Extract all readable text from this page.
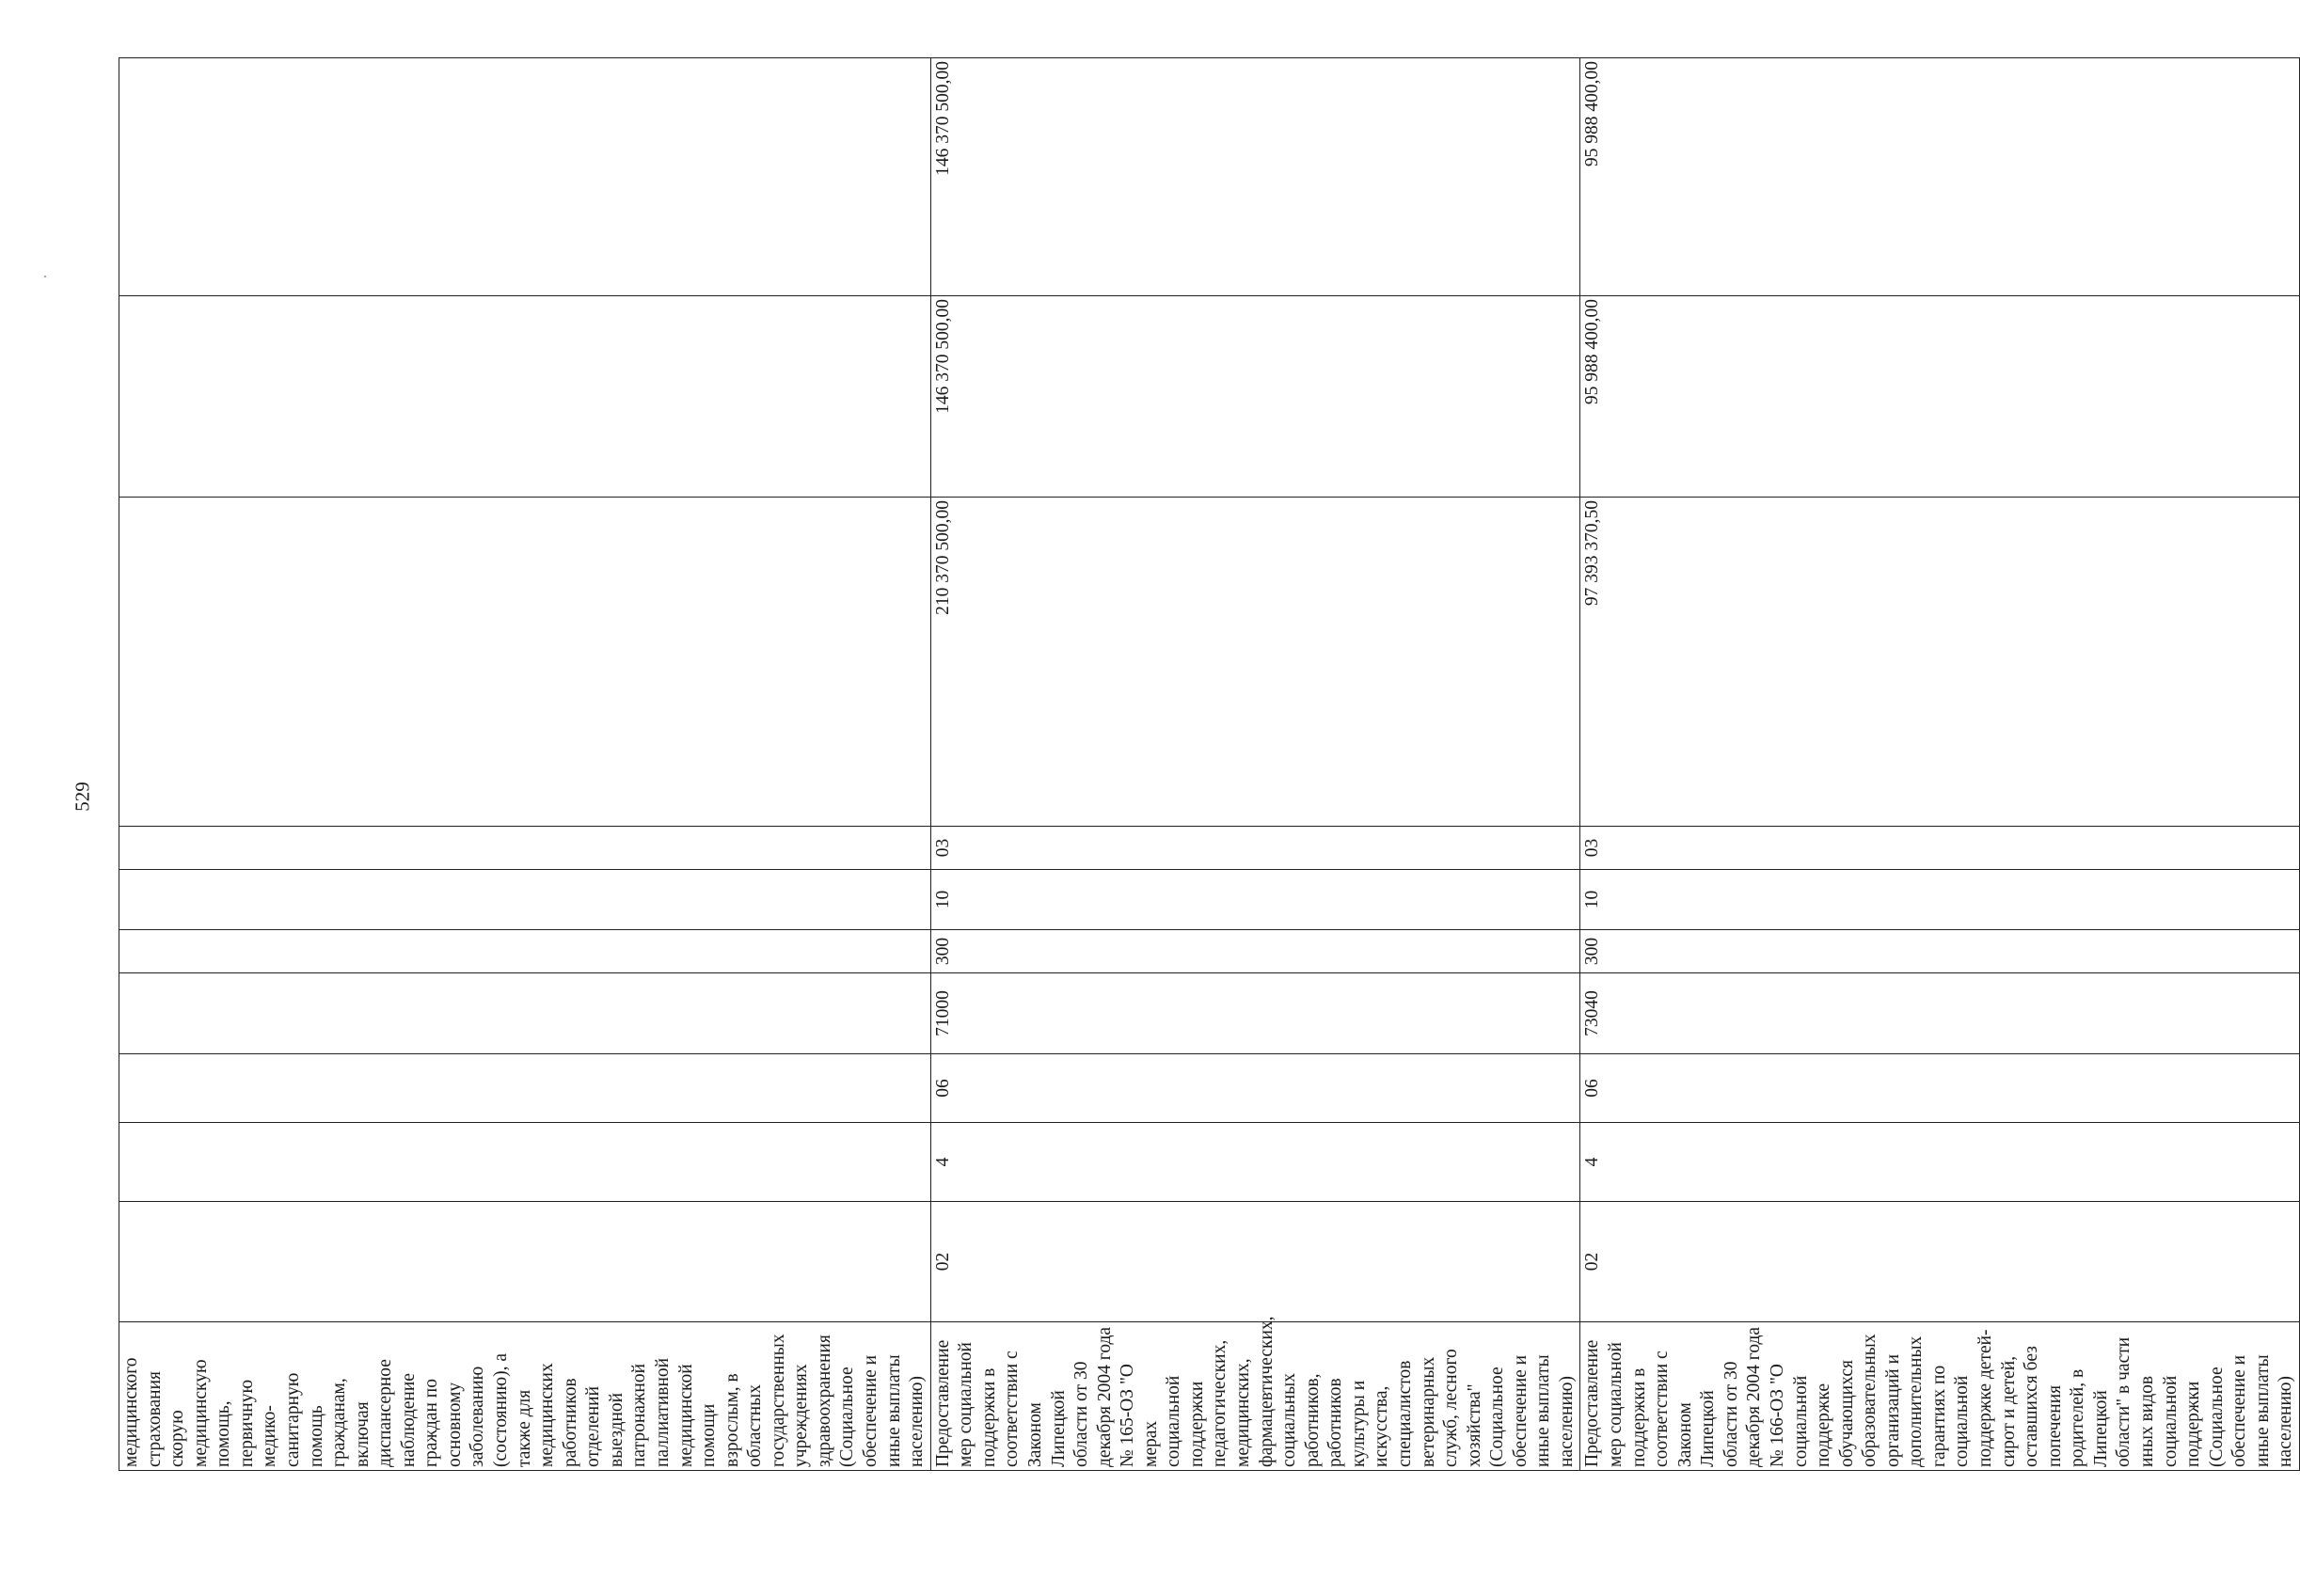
529
медицинского страхования скорую медицинскую помощь, первичную медико-санитарную помощь гражданам, включая диспансерное наблюдение граждан по основному заболеванию (состоянию), а также для медицинских работников отделений выездной патронажной паллиативной медицинской помощи взрослым, в областных государственных учреждениях здравоохранения (Социальное обеспечение и иные выплаты населению)										
Предоставление мер социальной поддержки в соответствии с Законом Липецкой области от 30 декабря 2004 года № 165-ОЗ "О мерах социальной поддержки педагогических, медицинских, фармацевтических, социальных работников, работников культуры и искусства, специалистов ветеринарных служб, лесного хозяйства" (Социальное обеспечение и иные выплаты населению)	02	4	06	71000	300	10	03	210 370 500,00	146 370 500,00	146 370 500,00
Предоставление мер социальной поддержки в соответствии с Законом Липецкой области от 30 декабря 2004 года № 166-ОЗ "О социальной поддержке обучающихся образовательных организаций и дополнительных гарантиях по социальной поддержке детей-сирот и детей, оставшихся без попечения родителей, в Липецкой области" в части иных видов социальной поддержки (Социальное обеспечение и иные выплаты населению)	02	4	06	73040	300	10	03	97 393 370,50	95 988 400,00	95 988 400,00
